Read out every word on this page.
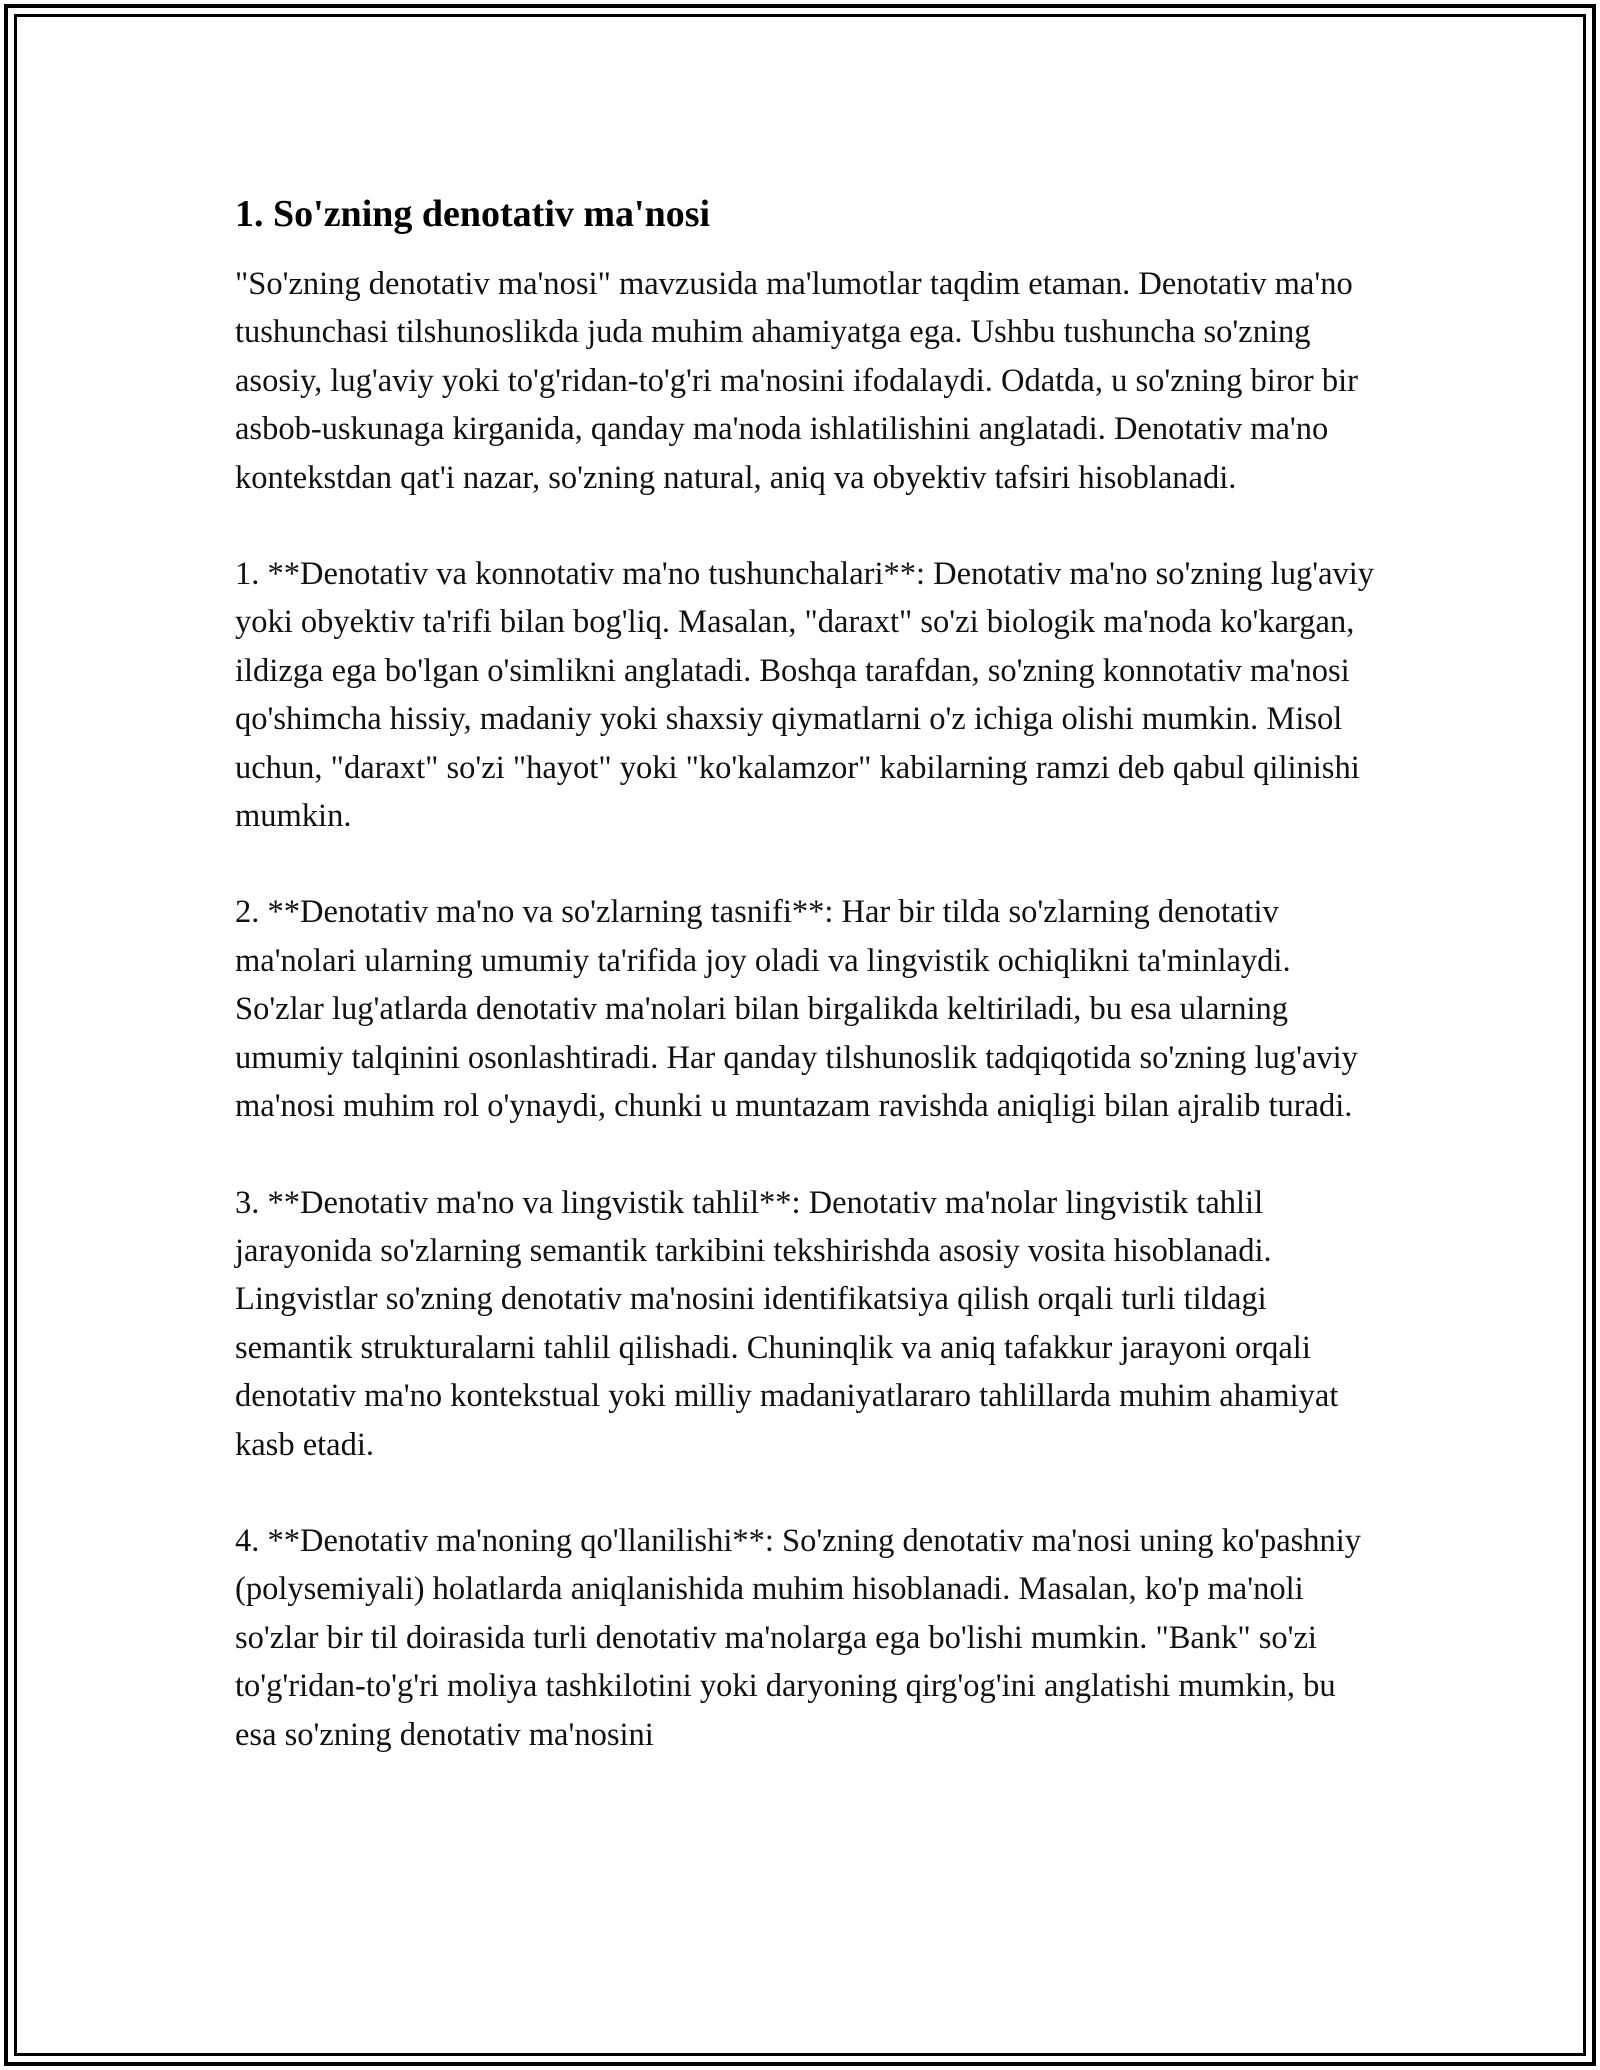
1. So'zning denotativ ma'nosi

"So'zning denotativ ma'nosi" mavzusida ma'lumotlar taqdim etaman. Denotativ ma'no tushunchasi tilshunoslikda juda muhim ahamiyatga ega. Ushbu tushuncha so'zning asosiy, lug'aviy yoki to'g'ridan-to'g'ri ma'nosini ifodalaydi. Odatda, u so'zning biror bir asbob-uskunaga kirganida, qanday ma'noda ishlatilishini anglatadi. Denotativ ma'no kontekstdan qat'i nazar, so'zning natural, aniq va obyektiv tafsiri hisoblanadi.

1. **Denotativ va konnotativ ma'no tushunchalari**: Denotativ ma'no so'zning lug'aviy yoki obyektiv ta'rifi bilan bog'liq. Masalan, "daraxt" so'zi biologik ma'noda ko'kargan, ildizga ega bo'lgan o'simlikni anglatadi. Boshqa tarafdan, so'zning konnotativ ma'nosi qo'shimcha hissiy, madaniy yoki shaxsiy qiymatlarni o'z ichiga olishi mumkin. Misol uchun, "daraxt" so'zi "hayot" yoki "ko'kalamzor" kabilarning ramzi deb qabul qilinishi mumkin.

2. **Denotativ ma'no va so'zlarning tasnifi**: Har bir tilda so'zlarning denotativ ma'nolari ularning umumiy ta'rifida joy oladi va lingvistik ochiqlikni ta'minlaydi. So'zlar lug'atlarda denotativ ma'nolari bilan birgalikda keltiriladi, bu esa ularning umumiy talqinini osonlashtiradi. Har qanday tilshunoslik tadqiqotida so'zning lug'aviy ma'nosi muhim rol o'ynaydi, chunki u muntazam ravishda aniqligi bilan ajralib turadi.

3. **Denotativ ma'no va lingvistik tahlil**: Denotativ ma'nolar lingvistik tahlil jarayonida so'zlarning semantik tarkibini tekshirishda asosiy vosita hisoblanadi. Lingvistlar so'zning denotativ ma'nosini identifikatsiya qilish orqali turli tildagi semantik strukturalarni tahlil qilishadi. Chuninqlik va aniq tafakkur jarayoni orqali denotativ ma'no kontekstual yoki milliy madaniyatlararo tahlillarda muhim ahamiyat kasb etadi.

4. **Denotativ ma'noning qo'llanilishi**: So'zning denotativ ma'nosi uning ko'pashniy (polysemiyali) holatlarda aniqlanishida muhim hisoblanadi. Masalan, ko'p ma'noli so'zlar bir til doirasida turli denotativ ma'nolarga ega bo'lishi mumkin. "Bank" so'zi to'g'ridan-to'g'ri moliya tashkilotini yoki daryoning qirg'og'ini anglatishi mumkin, bu esa so'zning denotativ ma'nosini
